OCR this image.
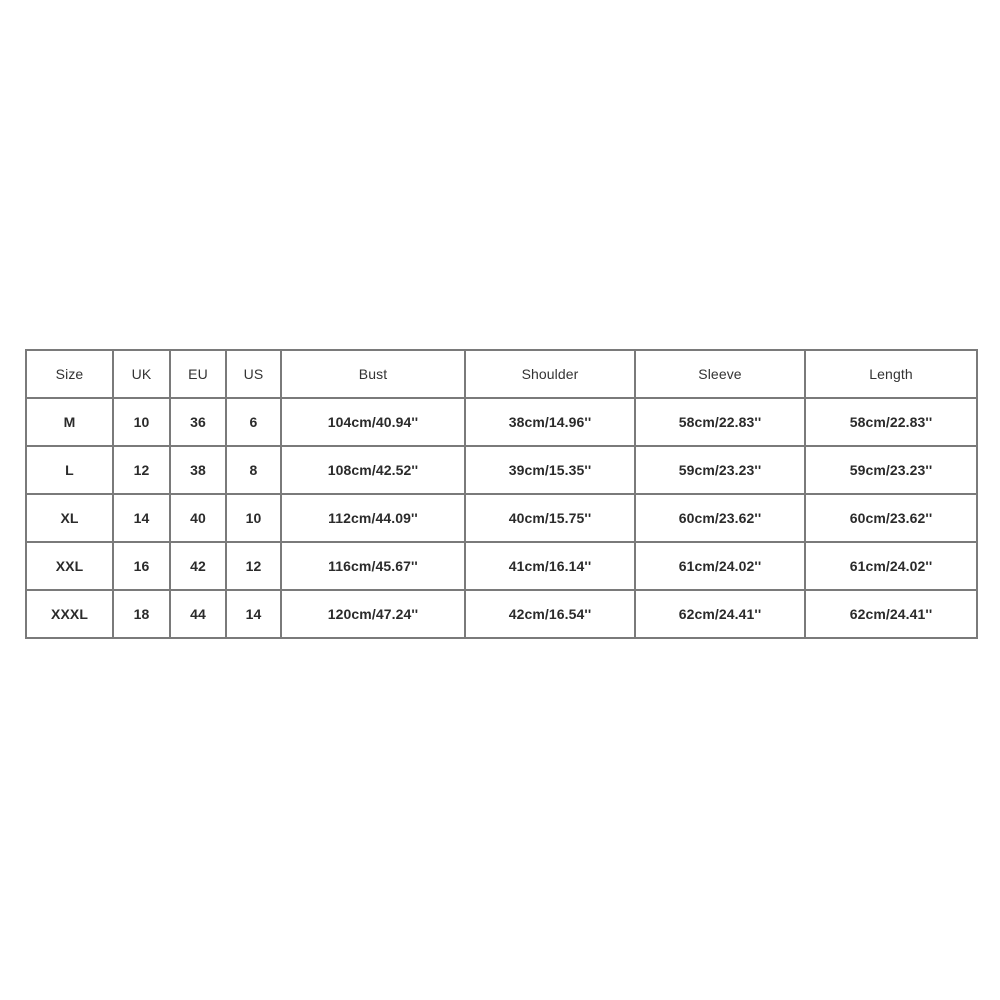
Size	UK	EU	US	Bust	Shoulder	Sleeve	Length
M	10	36	6	104cm/40.94''	38cm/14.96''	58cm/22.83''	58cm/22.83''
L	12	38	8	108cm/42.52''	39cm/15.35''	59cm/23.23''	59cm/23.23''
XL	14	40	10	112cm/44.09''	40cm/15.75''	60cm/23.62''	60cm/23.62''
XXL	16	42	12	116cm/45.67''	41cm/16.14''	61cm/24.02''	61cm/24.02''
XXXL	18	44	14	120cm/47.24''	42cm/16.54''	62cm/24.41''	62cm/24.41''
